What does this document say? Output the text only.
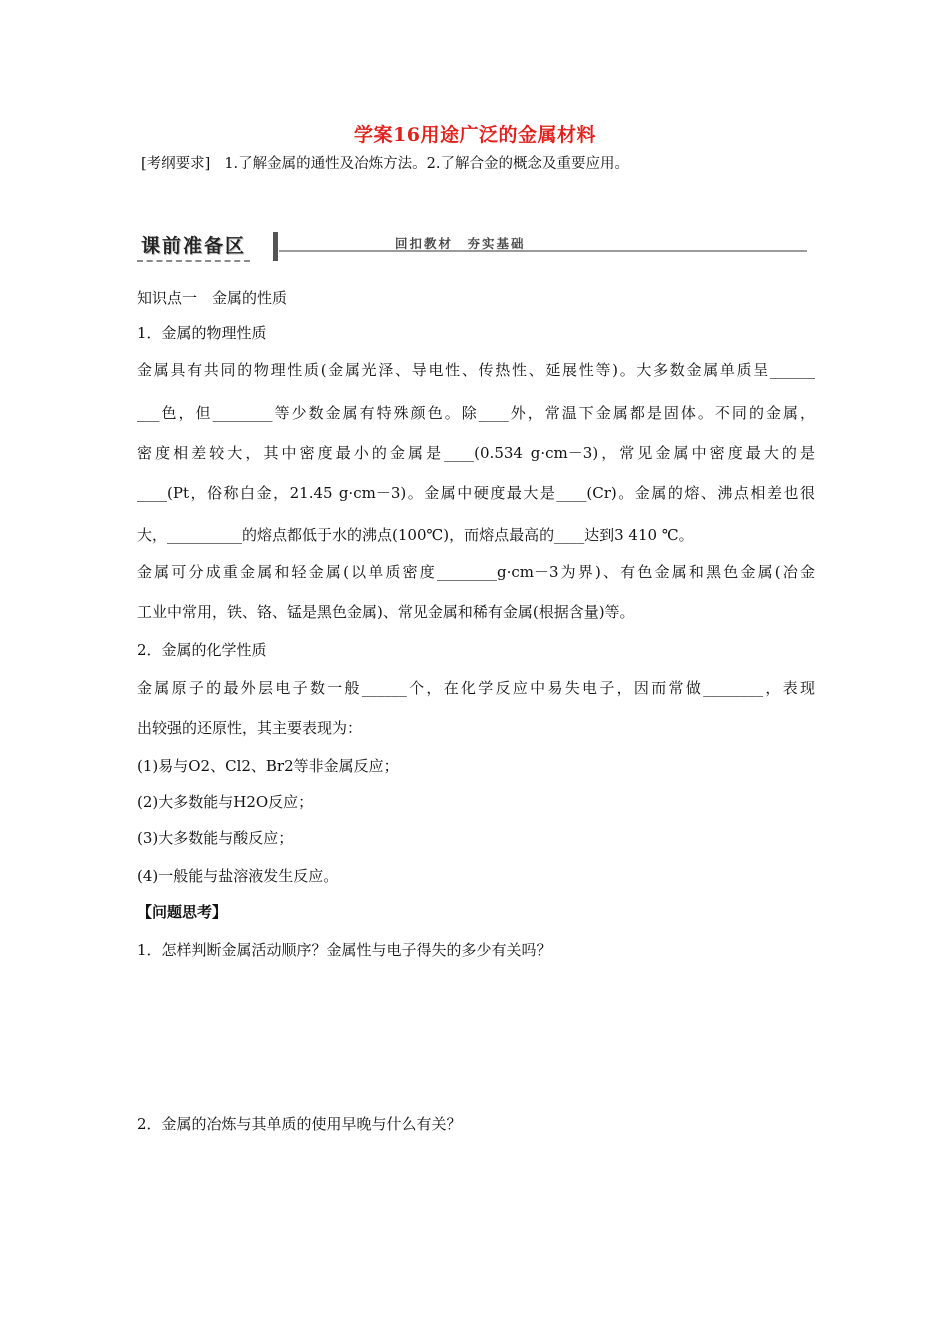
学案16用途广泛的金属材料
[考纲要求] 1.了解金属的通性及冶炼方法。2.了解合金的概念及重要应用。
课前准备区	回扣教材　夯实基础
知识点一　金属的性质
1．金属的物理性质
金属具有共同的物理性质(金属光泽、导电性、传热性、延展性等)。大多数金属单质呈______
___色，但________等少数金属有特殊颜色。除____外，常温下金属都是固体。不同的金属，
密度相差较大，其中密度最小的金属是____(0.534 g·cm－3)，常见金属中密度最大的是
____(Pt，俗称白金，21.45 g·cm－3)。金属中硬度最大是____(Cr)。金属的熔、沸点相差也很
大，__________的熔点都低于水的沸点(100℃)，而熔点最高的____达到3 410 ℃。
金属可分成重金属和轻金属(以单质密度________g·cm－3为界)、有色金属和黑色金属(冶金
工业中常用，铁、铬、锰是黑色金属)、常见金属和稀有金属(根据含量)等。
2．金属的化学性质
金属原子的最外层电子数一般______个，在化学反应中易失电子，因而常做________，表现
出较强的还原性，其主要表现为：
(1)易与O2、Cl2、Br2等非金属反应；
(2)大多数能与H2O反应；
(3)大多数能与酸反应；
(4)一般能与盐溶液发生反应。
【问题思考】
1．怎样判断金属活动顺序？金属性与电子得失的多少有关吗？
2．金属的冶炼与其单质的使用早晚与什么有关？
